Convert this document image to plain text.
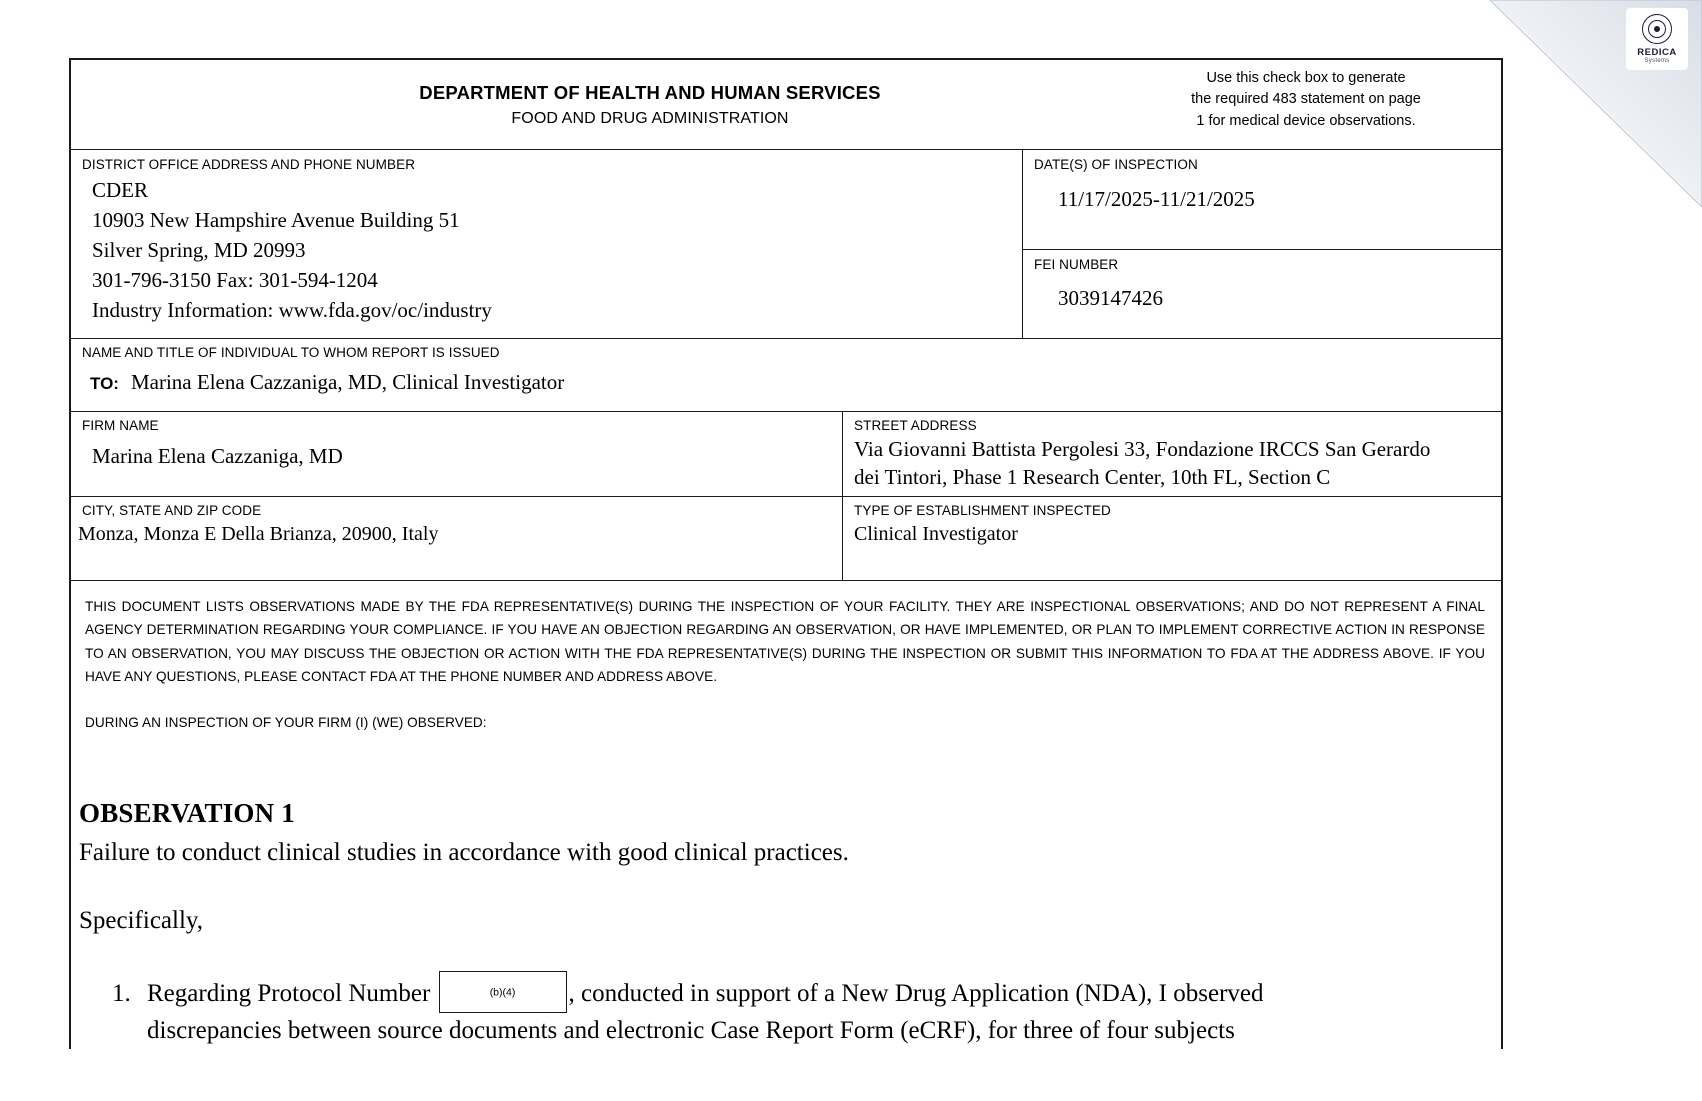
REDICA
Systems
DEPARTMENT OF HEALTH AND HUMAN SERVICES
FOOD AND DRUG ADMINISTRATION
Use this check box to generate
the required 483 statement on page
1 for medical device observations.
DISTRICT OFFICE ADDRESS AND PHONE NUMBER
CDER
10903 New Hampshire Avenue Building 51
Silver Spring, MD 20993
301-796-3150 Fax: 301-594-1204
Industry Information: www.fda.gov/oc/industry
DATE(S) OF INSPECTION
11/17/2025-11/21/2025
FEI NUMBER
3039147426
NAME AND TITLE OF INDIVIDUAL TO WHOM REPORT IS ISSUED
TO: Marina Elena Cazzaniga, MD, Clinical Investigator
FIRM NAME
Marina Elena Cazzaniga, MD
STREET ADDRESS
Via Giovanni Battista Pergolesi 33, Fondazione IRCCS San Gerardo
dei Tintori, Phase 1 Research Center, 10th FL, Section C
CITY, STATE AND ZIP CODE
Monza, Monza E Della Brianza, 20900, Italy
TYPE OF ESTABLISHMENT INSPECTED
Clinical Investigator

THIS DOCUMENT LISTS OBSERVATIONS MADE BY THE FDA REPRESENTATIVE(S) DURING THE INSPECTION OF YOUR FACILITY. THEY ARE INSPECTIONAL OBSERVATIONS; AND DO NOT REPRESENT A FINAL AGENCY DETERMINATION REGARDING YOUR COMPLIANCE. IF YOU HAVE AN OBJECTION REGARDING AN OBSERVATION, OR HAVE IMPLEMENTED, OR PLAN TO IMPLEMENT CORRECTIVE ACTION IN RESPONSE TO AN OBSERVATION, YOU MAY DISCUSS THE OBJECTION OR ACTION WITH THE FDA REPRESENTATIVE(S) DURING THE INSPECTION OR SUBMIT THIS INFORMATION TO FDA AT THE ADDRESS ABOVE. IF YOU HAVE ANY QUESTIONS, PLEASE CONTACT FDA AT THE PHONE NUMBER AND ADDRESS ABOVE.

DURING AN INSPECTION OF YOUR FIRM (I) (WE) OBSERVED:

OBSERVATION 1
Failure to conduct clinical studies in accordance with good clinical practices.
Specifically,
1. Regarding Protocol Number	(b)(4)	, conducted in support of a New Drug Application (NDA), I observed
discrepancies between source documents and electronic Case Report Form (eCRF), for three of four subjects
